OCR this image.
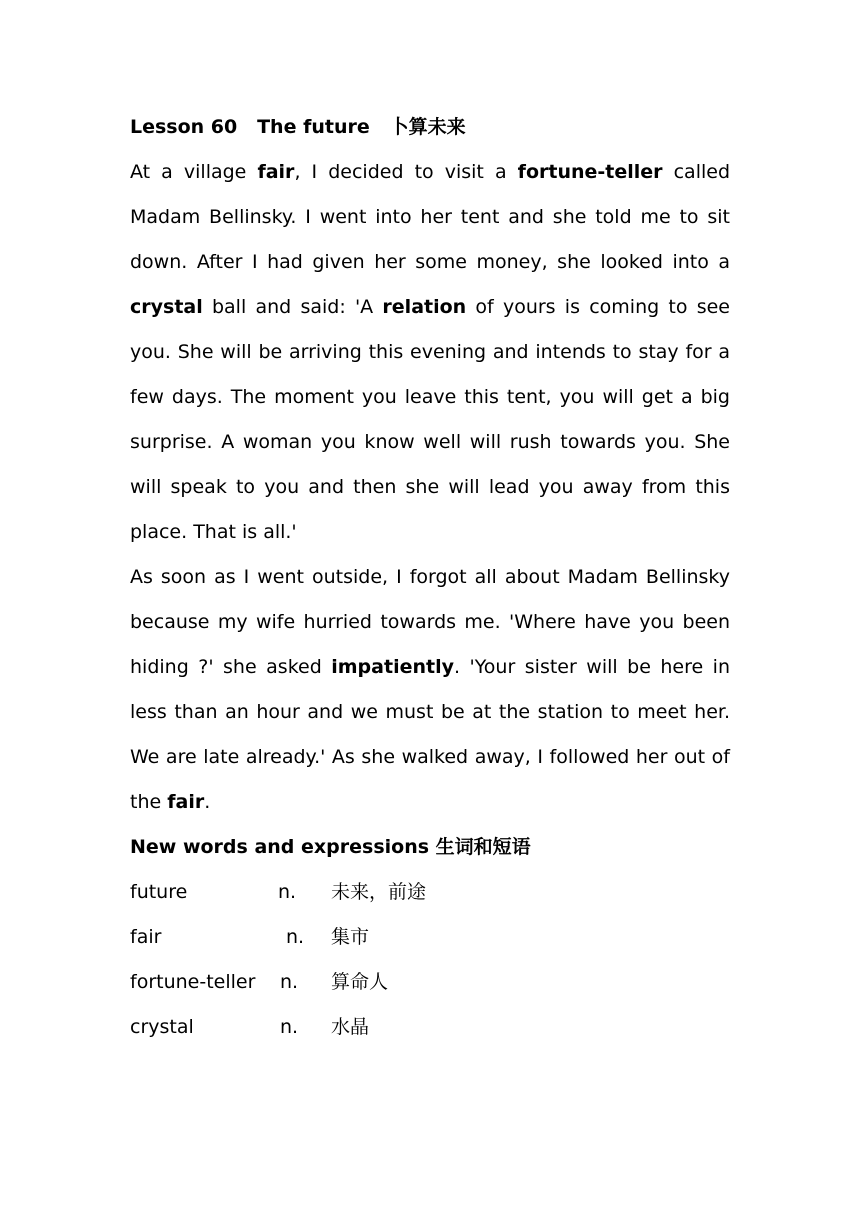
Lesson 60   The future   卜算未来

At a village fair, I decided to visit a fortune-teller called Madam Bellinsky. I went into her tent and she told me to sit down. After I had given her some money, she looked into a crystal ball and said: 'A relation of yours is coming to see you. She will be arriving this evening and intends to stay for a few days. The moment you leave this tent, you will get a big surprise. A woman you know well will rush towards you. She will speak to you and then she will lead you away from this place. That is all.'

As soon as I went outside, I forgot all about Madam Bellinsky because my wife hurried towards me. 'Where have you been hiding ?' she asked impatiently. 'Your sister will be here in less than an hour and we must be at the station to meet her. We are late already.' As she walked away, I followed her out of the fair.

New words and expressions 生词和短语

future	n.	未来，前途
fair	n.	集市
fortune-teller	n.	算命人
crystal	n.	水晶
